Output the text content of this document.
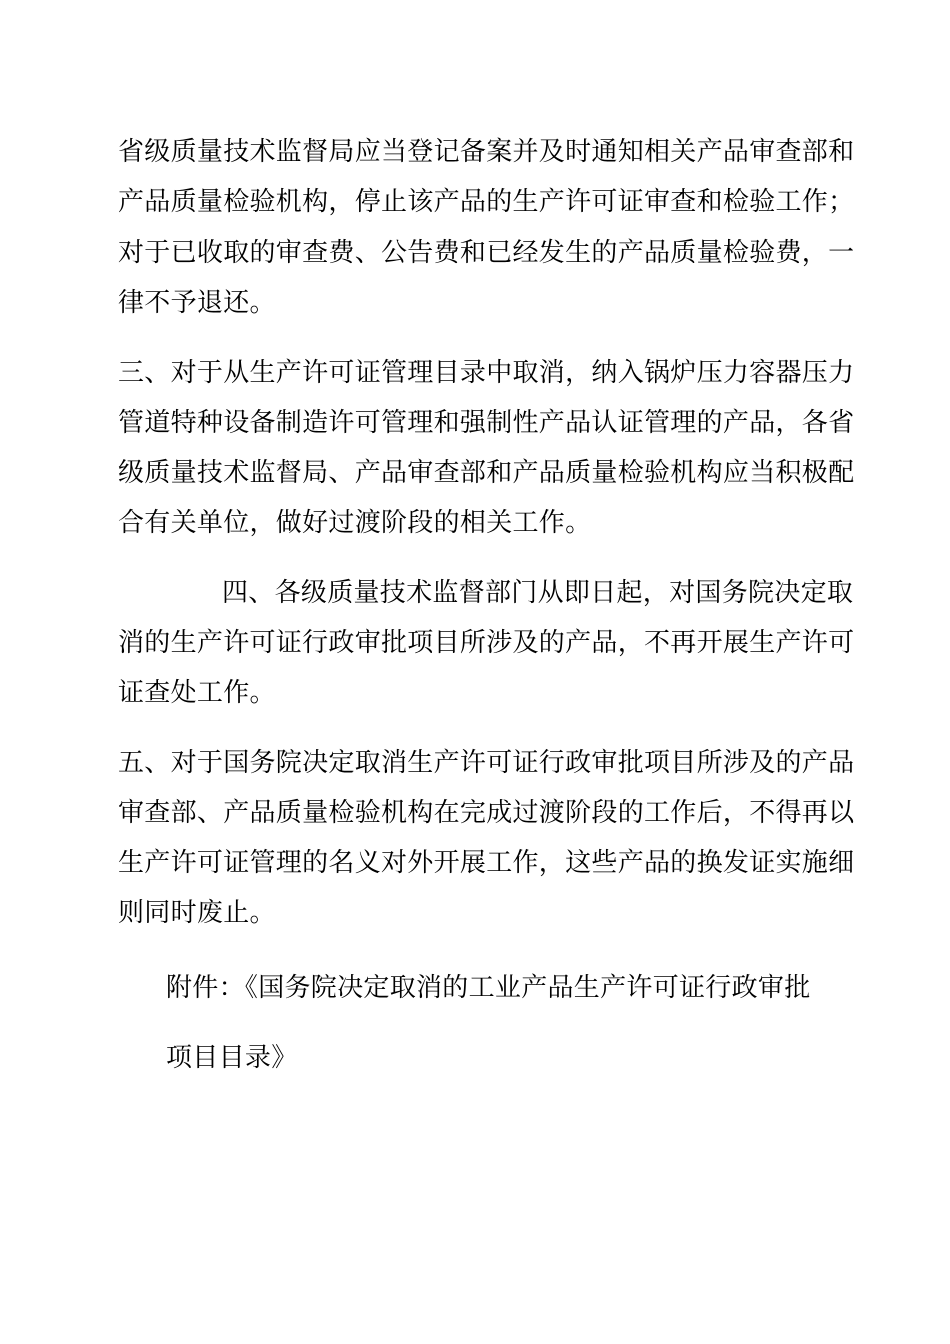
省级质量技术监督局应当登记备案并及时通知相关产品审查部和
产品质量检验机构，停止该产品的生产许可证审查和检验工作；
对于已收取的审查费、公告费和已经发生的产品质量检验费，一
律不予退还。
三、对于从生产许可证管理目录中取消，纳入锅炉压力容器压力
管道特种设备制造许可管理和强制性产品认证管理的产品，各省
级质量技术监督局、产品审查部和产品质量检验机构应当积极配
合有关单位，做好过渡阶段的相关工作。
四、各级质量技术监督部门从即日起，对国务院决定取
消的生产许可证行政审批项目所涉及的产品，不再开展生产许可
证查处工作。
五、对于国务院决定取消生产许可证行政审批项目所涉及的产品
审查部、产品质量检验机构在完成过渡阶段的工作后，不得再以
生产许可证管理的名义对外开展工作，这些产品的换发证实施细
则同时废止。
附件：《国务院决定取消的工业产品生产许可证行政审批
项目目录》
